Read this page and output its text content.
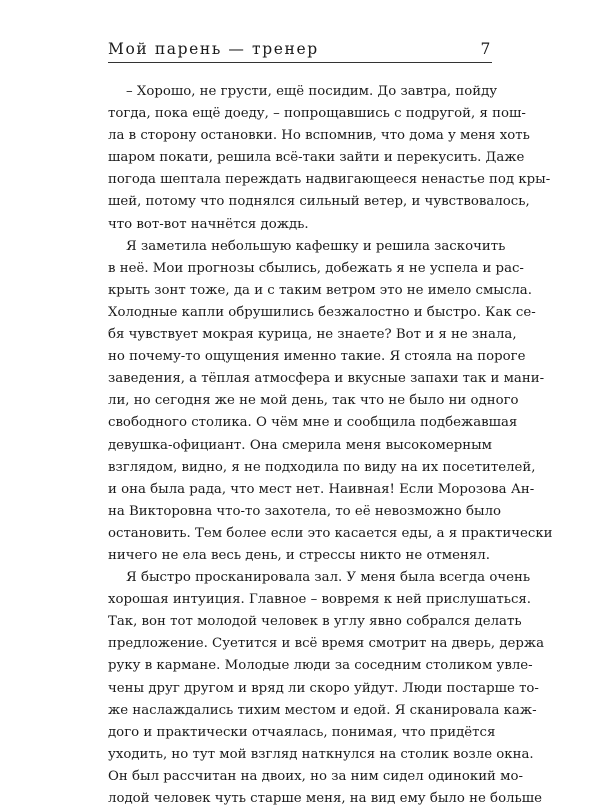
Мой парень — тренер	7
– Хорошо, не грусти, ещё посидим. До завтра, пойду
тогда, пока ещё доеду, – попрощавшись с подругой, я пош-
ла в сторону остановки. Но вспомнив, что дома у меня хоть
шаром покати, решила всё-таки зайти и перекусить. Даже
погода шептала переждать надвигающееся ненастье под кры-
шей, потому что поднялся сильный ветер, и чувствовалось,
что вот-вот начнётся дождь.
Я заметила небольшую кафешку и решила заскочить
в неё. Мои прогнозы сбылись, добежать я не успела и рас-
крыть зонт тоже, да и с таким ветром это не имело смысла.
Холодные капли обрушились безжалостно и быстро. Как се-
бя чувствует мокрая курица, не знаете? Вот и я не знала,
но почему-то ощущения именно такие. Я стояла на пороге
заведения, а тёплая атмосфера и вкусные запахи так и мани-
ли, но сегодня же не мой день, так что не было ни одного
свободного столика. О чём мне и сообщила подбежавшая
девушка-официант. Она смерила меня высокомерным
взглядом, видно, я не подходила по виду на их посетителей,
и она была рада, что мест нет. Наивная! Если Морозова Ан-
на Викторовна что-то захотела, то её невозможно было
остановить. Тем более если это касается еды, а я практически
ничего не ела весь день, и стрессы никто не отменял.
Я быстро просканировала зал. У меня была всегда очень
хорошая интуиция. Главное – вовремя к ней прислушаться.
Так, вон тот молодой человек в углу явно собрался делать
предложение. Суетится и всё время смотрит на дверь, держа
руку в кармане. Молодые люди за соседним столиком увле-
чены друг другом и вряд ли скоро уйдут. Люди постарше то-
же наслаждались тихим местом и едой. Я сканировала каж-
дого и практически отчаялась, понимая, что придётся
уходить, но тут мой взгляд наткнулся на столик возле окна.
Он был рассчитан на двоих, но за ним сидел одинокий мо-
лодой человек чуть старше меня, на вид ему было не больше
